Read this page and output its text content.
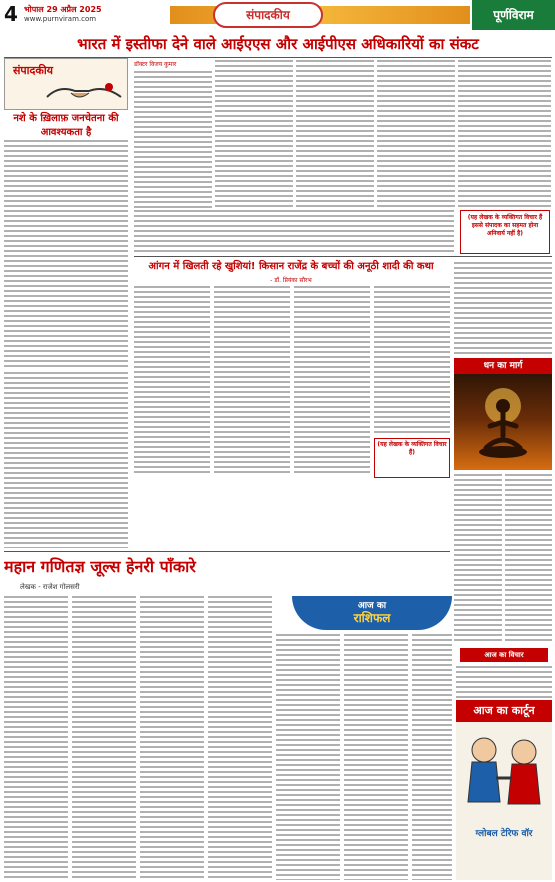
4 भोपाल 29 अप्रैल 2025
www.purnviram.com	संपादकीय	पूर्णविराम
भारत में इस्तीफा देने वाले आईएएस और आईपीएस अधिकारियों का संकट
संपादकीय
नशे के ख़िलाफ़ जनचेतना की आवश्यकता है
डॉक्टर विजय कुमार
(यह लेखक के व्यक्तिगत विचार हैं इससे संपादक का सहमत होना अनिवार्य नहीं है)
आंगन में खिलती रहे खुशियां! किसान राजेंद्र के बच्चों की अनूठी शादी की कथा
- डॉ. प्रियंका सौरभ
(यह लेखक के व्यक्तिगत विचार हैं)
धन का मार्ग
महान गणितज्ञ जूल्स हेनरी पॉंकारे
लेखक - राजेश गोलसरी
आज का
राशिफल
आज का विचार
आज का कार्टून
ग्लोबल टेरिफ वॉर
